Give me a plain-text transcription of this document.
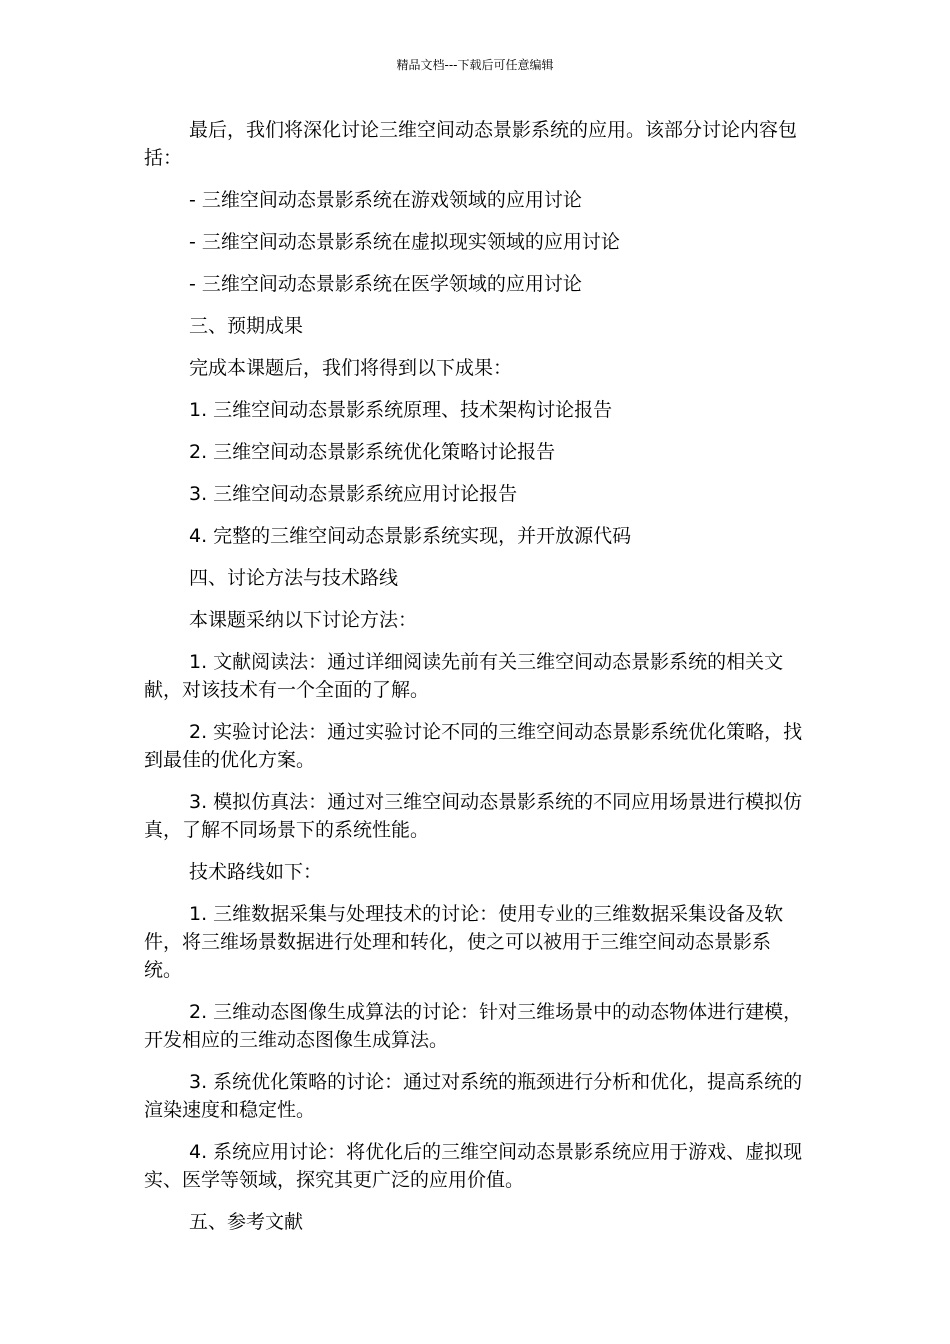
精品文档---下载后可任意编辑

最后，我们将深化讨论三维空间动态景影系统的应用。该部分讨论内容包括：

- 三维空间动态景影系统在游戏领域的应用讨论

- 三维空间动态景影系统在虚拟现实领域的应用讨论

- 三维空间动态景影系统在医学领域的应用讨论

三、预期成果

完成本课题后，我们将得到以下成果：

1. 三维空间动态景影系统原理、技术架构讨论报告

2. 三维空间动态景影系统优化策略讨论报告

3. 三维空间动态景影系统应用讨论报告

4. 完整的三维空间动态景影系统实现，并开放源代码

四、讨论方法与技术路线

本课题采纳以下讨论方法：

1. 文献阅读法：通过详细阅读先前有关三维空间动态景影系统的相关文献，对该技术有一个全面的了解。

2. 实验讨论法：通过实验讨论不同的三维空间动态景影系统优化策略，找到最佳的优化方案。

3. 模拟仿真法：通过对三维空间动态景影系统的不同应用场景进行模拟仿真，了解不同场景下的系统性能。

技术路线如下：

1. 三维数据采集与处理技术的讨论：使用专业的三维数据采集设备及软件，将三维场景数据进行处理和转化，使之可以被用于三维空间动态景影系统。

2. 三维动态图像生成算法的讨论：针对三维场景中的动态物体进行建模，开发相应的三维动态图像生成算法。

3. 系统优化策略的讨论：通过对系统的瓶颈进行分析和优化，提高系统的渲染速度和稳定性。

4. 系统应用讨论：将优化后的三维空间动态景影系统应用于游戏、虚拟现实、医学等领域，探究其更广泛的应用价值。

五、参考文献
